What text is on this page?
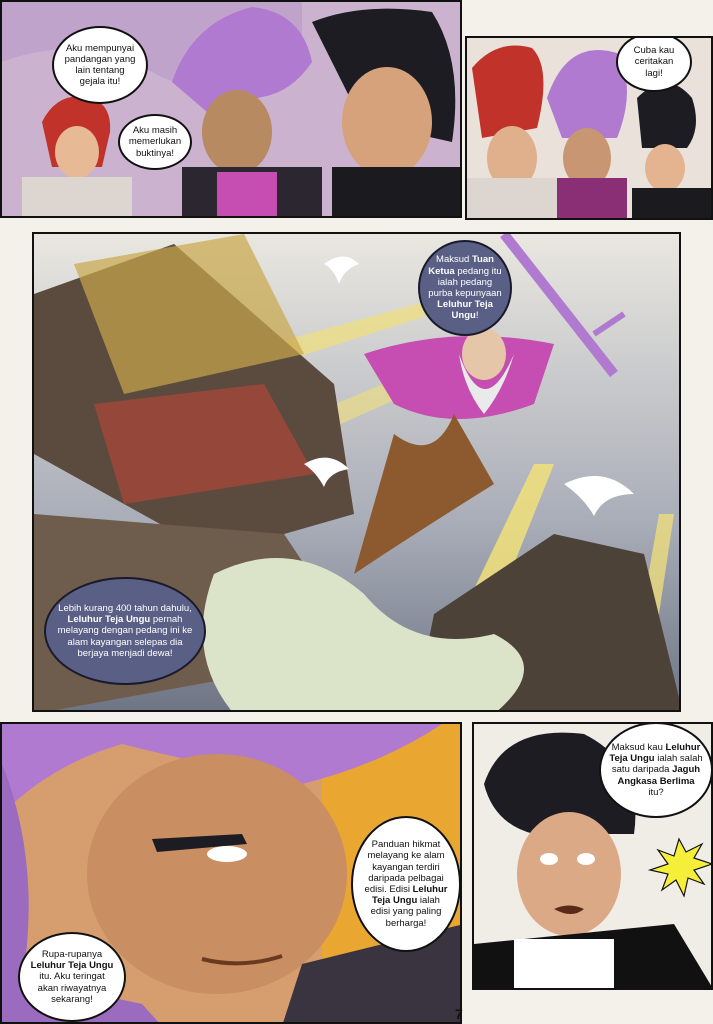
Aku mempunyai pandangan yang lain tentang gejala itu!
Aku masih memerlukan buktinya!
Cuba kau ceritakan lagi!
Maksud Tuan Ketua pedang itu ialah pedang purba kepunyaan Leluhur Teja Ungu!
Lebih kurang 400 tahun dahulu, Leluhur Teja Ungu pernah melayang dengan pedang ini ke alam kayangan selepas dia berjaya menjadi dewa!
Panduan hikmat melayang ke alam kayangan terdiri daripada pelbagai edisi. Edisi Leluhur Teja Ungu ialah edisi yang paling berharga!
Rupa-rupanya Leluhur Teja Ungu itu. Aku teringat akan riwayatnya sekarang!
Maksud kau Leluhur Teja Ungu ialah salah satu daripada Jaguh Angkasa Berlima itu?
7
